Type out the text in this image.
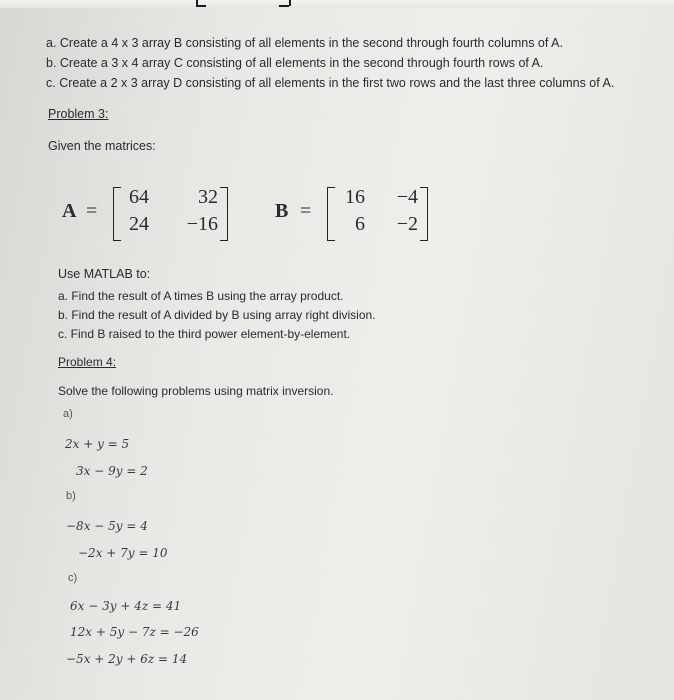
a. Create a 4 x 3 array B consisting of all elements in the second through fourth columns of A.
b. Create a 3 x 4 array C consisting of all elements in the second through fourth rows of A.
c. Create a 2 x 3 array D consisting of all elements in the first two rows and the last three columns of A.
Problem 3:
Given the matrices:
A =
64	32
24	−16
B =
16	−4
6	−2
Use MATLAB to:
a. Find the result of A times B using the array product.
b. Find the result of A divided by B using array right division.
c. Find B raised to the third power element-by-element.
Problem 4:
Solve the following problems using matrix inversion.
a)
2x + y = 5
3x − 9y = 2
b)
−8x − 5y = 4
−2x + 7y = 10
c)
6x − 3y + 4z = 41
12x + 5y − 7z = −26
−5x + 2y + 6z = 14
